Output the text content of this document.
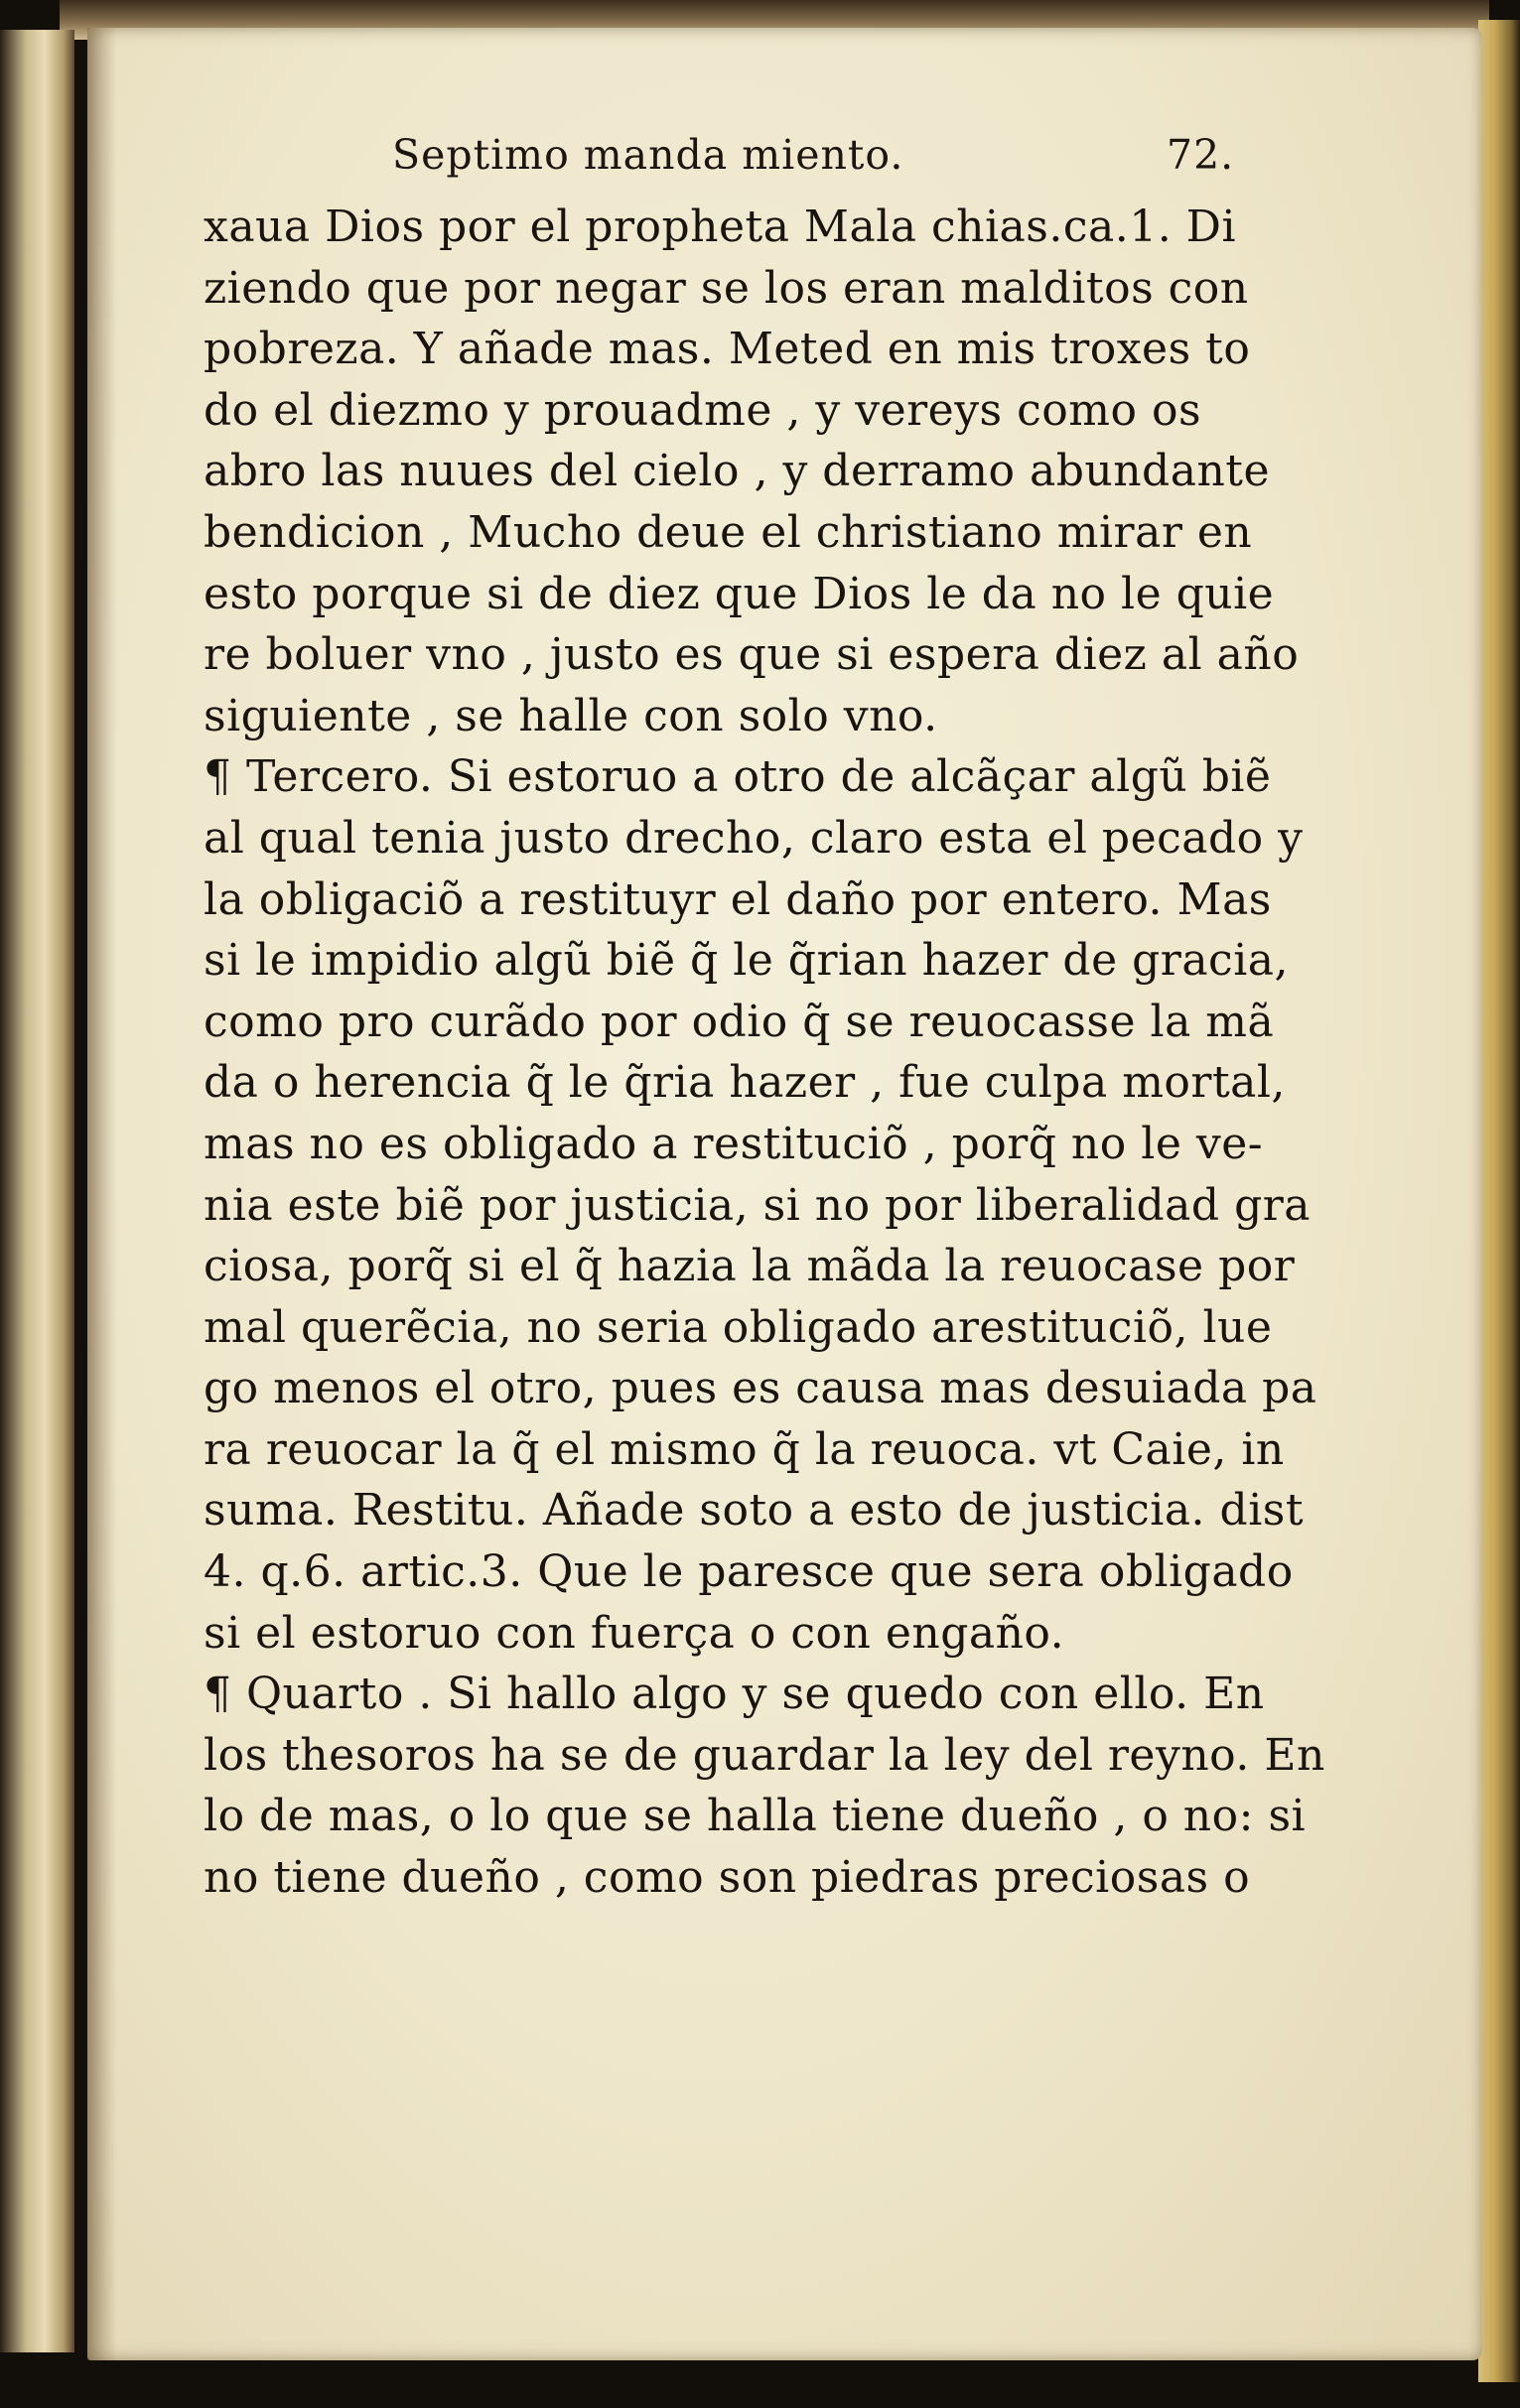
Septimo manda miento.	72.
xaua Dios por el propheta Mala chias.ca.1. Di
ziendo que por negar se los eran malditos con
pobreza. Y añade mas. Meted en mis troxes to
do el diezmo y prouadme , y vereys como os
abro las nuues del cielo , y derramo abundante
bendicion , Mucho deue el christiano mirar en
esto porque si de diez que Dios le da no le quie
re boluer vno , justo es que si espera diez al año
siguiente , se halle con solo vno.
¶ Tercero. Si estoruo a otro de alcãçar algũ biẽ
al qual tenia justo drecho, claro esta el pecado y
la obligaciõ a restituyr el daño por entero. Mas
si le impidio algũ biẽ q̃ le q̃rian hazer de gracia,
como pro curãdo por odio q̃ se reuocasse la mã
da o herencia q̃ le q̃ria hazer , fue culpa mortal,
mas no es obligado a restituciõ , porq̃ no le ve-
nia este biẽ por justicia, si no por liberalidad gra
ciosa, porq̃ si el q̃ hazia la mãda la reuocase por
mal querẽcia, no seria obligado arestituciõ, lue
go menos el otro, pues es causa mas desuiada pa
ra reuocar la q̃ el mismo q̃ la reuoca. vt Caie, in
suma. Restitu. Añade soto a esto de justicia. dist
4. q.6. artic.3. Que le paresce que sera obligado
si el estoruo con fuerça o con engaño.
¶ Quarto . Si hallo algo y se quedo con ello. En
los thesoros ha se de guardar la ley del reyno. En
lo de mas, o lo que se halla tiene dueño , o no: si
no tiene dueño , como son piedras preciosas o
